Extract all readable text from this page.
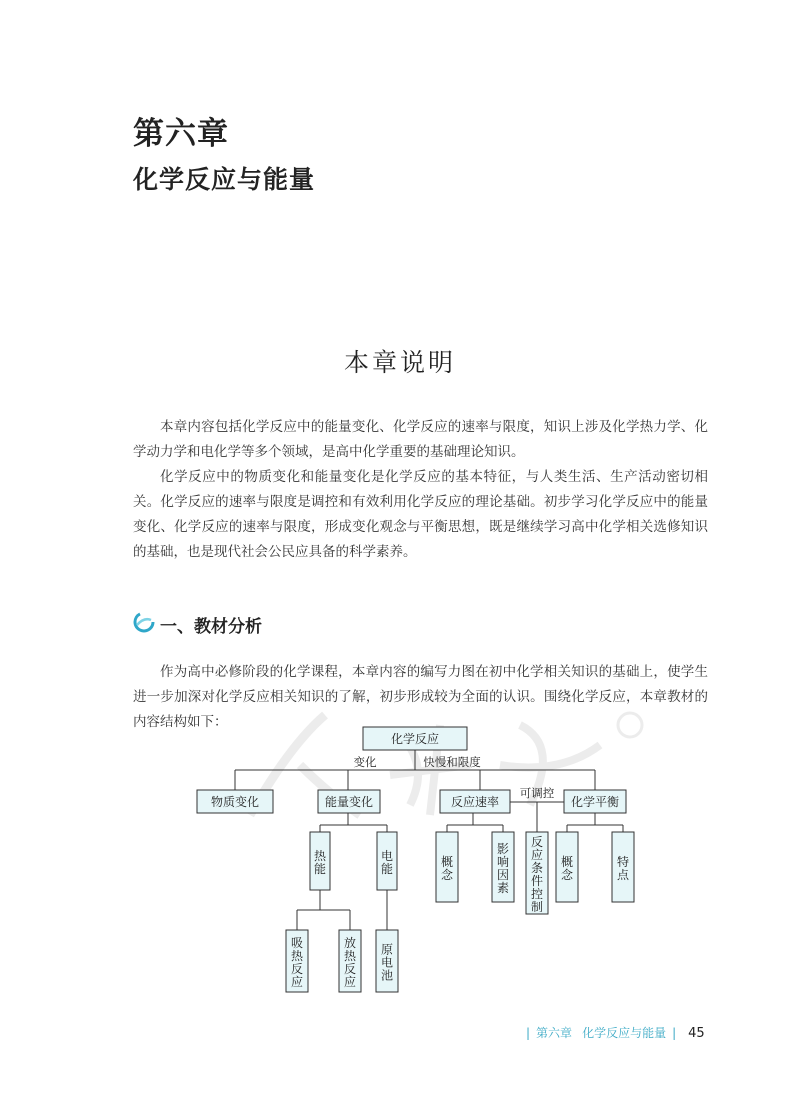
第六章
化学反应与能量
本章说明
本章内容包括化学反应中的能量变化、化学反应的速率与限度，知识上涉及化学热力学、化学动力学和电化学等多个领域，是高中化学重要的基础理论知识。
化学反应中的物质变化和能量变化是化学反应的基本特征，与人类生活、生产活动密切相关。化学反应的速率与限度是调控和有效利用化学反应的理论基础。初步学习化学反应中的能量变化、化学反应的速率与限度，形成变化观念与平衡思想，既是继续学习高中化学相关选修知识的基础，也是现代社会公民应具备的科学素养。
一、教材分析
作为高中必修阶段的化学课程，本章内容的编写力图在初中化学相关知识的基础上，使学生进一步加深对化学反应相关知识的了解，初步形成较为全面的认识。围绕化学反应，本章教材的内容结构如下：
化学反应
物质变化	能量变化	反应速率	化学平衡
热
能
电
能
吸
热
反
应
放
热
反
应
原
电
池
概
念
影
响
因
素
反
应
条
件
控
制
概
念
特
点
变化	快慢和限度
可调控
| 第六章 化学反应与能量 | 45
